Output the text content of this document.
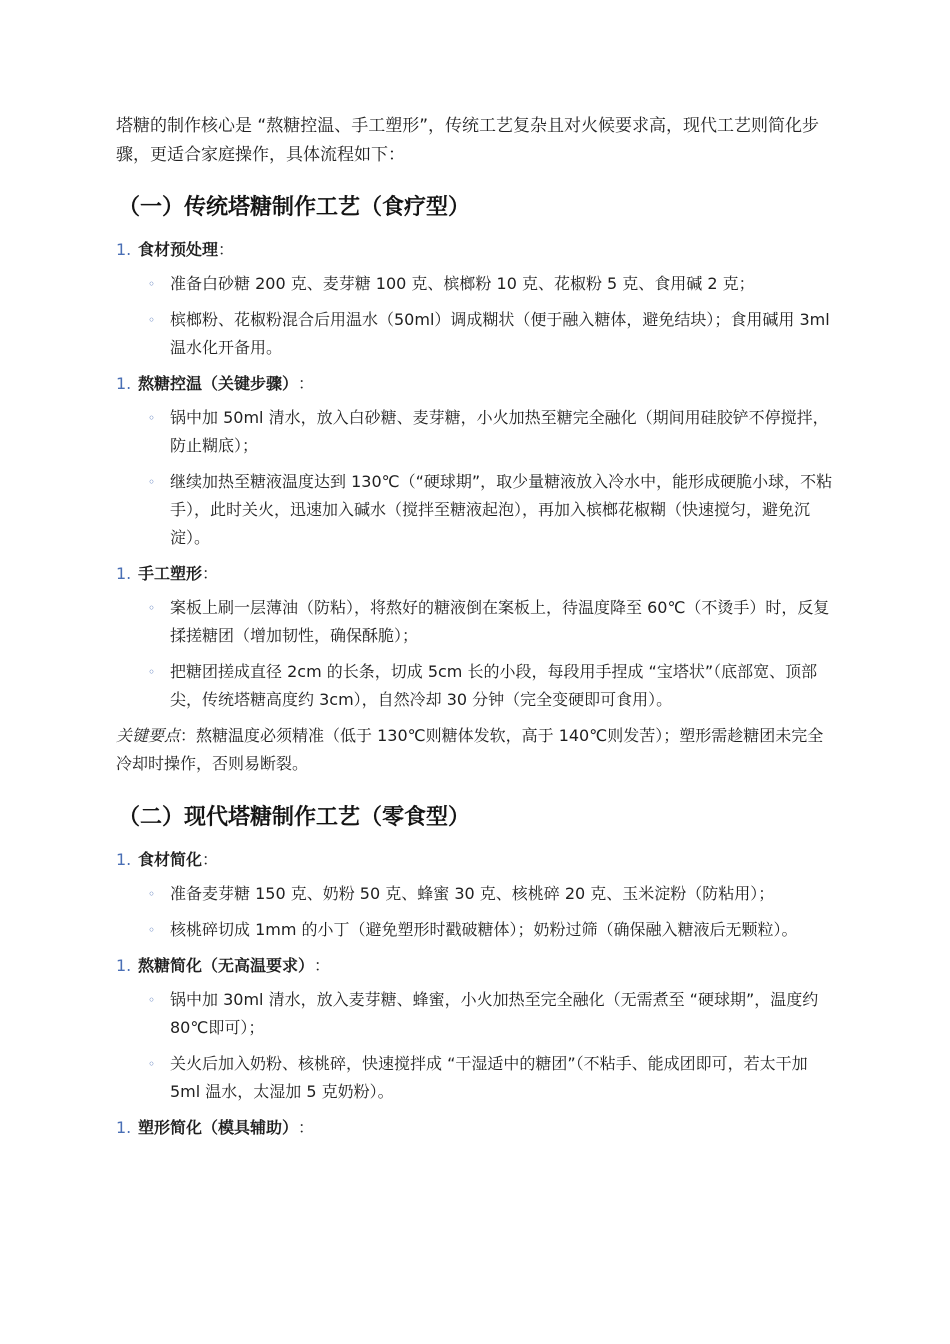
塔糖的制作核心是 “熬糖控温、手工塑形”，传统工艺复杂且对火候要求高，现代工艺则简化步骤，更适合家庭操作，具体流程如下：

（一）传统塔糖制作工艺（食疗型）
1. 食材预处理 ：
◦ 准备白砂糖 200 克、麦芽糖 100 克、槟榔粉 10 克、花椒粉 5 克、食用碱 2 克；
◦ 槟榔粉、花椒粉混合后用温水（50ml）调成糊状（便于融入糖体，避免结块）；食用碱用 3ml 温水化开备用。
1. 熬糖控温（关键步骤） ：
◦ 锅中加 50ml 清水，放入白砂糖、麦芽糖，小火加热至糖完全融化（期间用硅胶铲不停搅拌，防止糊底）；
◦ 继续加热至糖液温度达到 130℃（“硬球期”，取少量糖液放入冷水中，能形成硬脆小球，不粘手），此时关火，迅速加入碱水（搅拌至糖液起泡），再加入槟榔花椒糊（快速搅匀，避免沉淀）。
1. 手工塑形 ：
◦ 案板上刷一层薄油（防粘），将熬好的糖液倒在案板上，待温度降至 60℃（不烫手）时，反复揉搓糖团（增加韧性，确保酥脆）；
◦ 把糖团搓成直径 2cm 的长条，切成 5cm 长的小段，每段用手捏成 “宝塔状”（底部宽、顶部尖，传统塔糖高度约 3cm），自然冷却 30 分钟（完全变硬即可食用）。

关键要点：熬糖温度必须精准（低于 130℃则糖体发软，高于 140℃则发苦）；塑形需趁糖团未完全冷却时操作，否则易断裂。

（二）现代塔糖制作工艺（零食型）
1. 食材简化 ：
◦ 准备麦芽糖 150 克、奶粉 50 克、蜂蜜 30 克、核桃碎 20 克、玉米淀粉（防粘用）；
◦ 核桃碎切成 1mm 的小丁（避免塑形时戳破糖体）；奶粉过筛（确保融入糖液后无颗粒）。
1. 熬糖简化（无高温要求） ：
◦ 锅中加 30ml 清水，放入麦芽糖、蜂蜜，小火加热至完全融化（无需煮至 “硬球期”，温度约 80℃即可）；
◦ 关火后加入奶粉、核桃碎，快速搅拌成 “干湿适中的糖团”（不粘手、能成团即可，若太干加 5ml 温水，太湿加 5 克奶粉）。
1. 塑形简化（模具辅助） ：
